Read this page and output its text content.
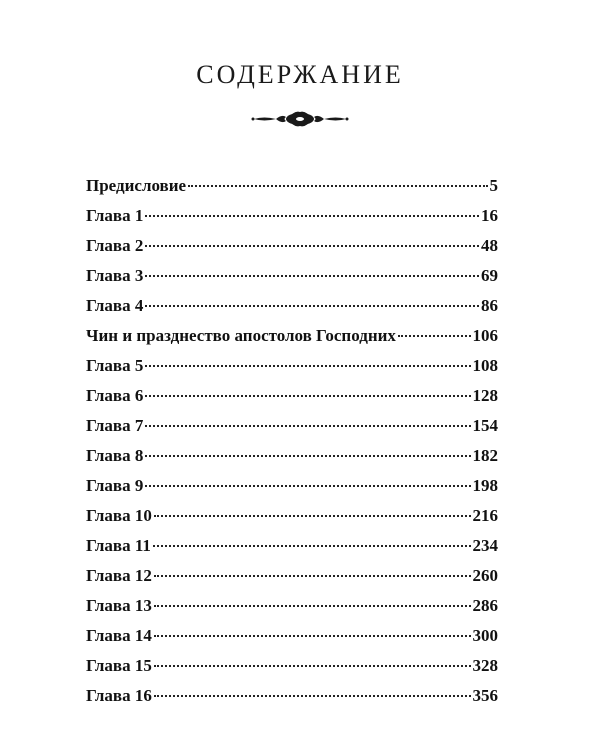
СОДЕРЖАНИЕ
Предисловие	5
Глава 1	16
Глава 2	48
Глава 3	69
Глава 4	86
Чин и празднество апостолов Господних	106
Глава 5	108
Глава 6	128
Глава 7	154
Глава 8	182
Глава 9	198
Глава 10	216
Глава 11	234
Глава 12	260
Глава 13	286
Глава 14	300
Глава 15	328
Глава 16	356
